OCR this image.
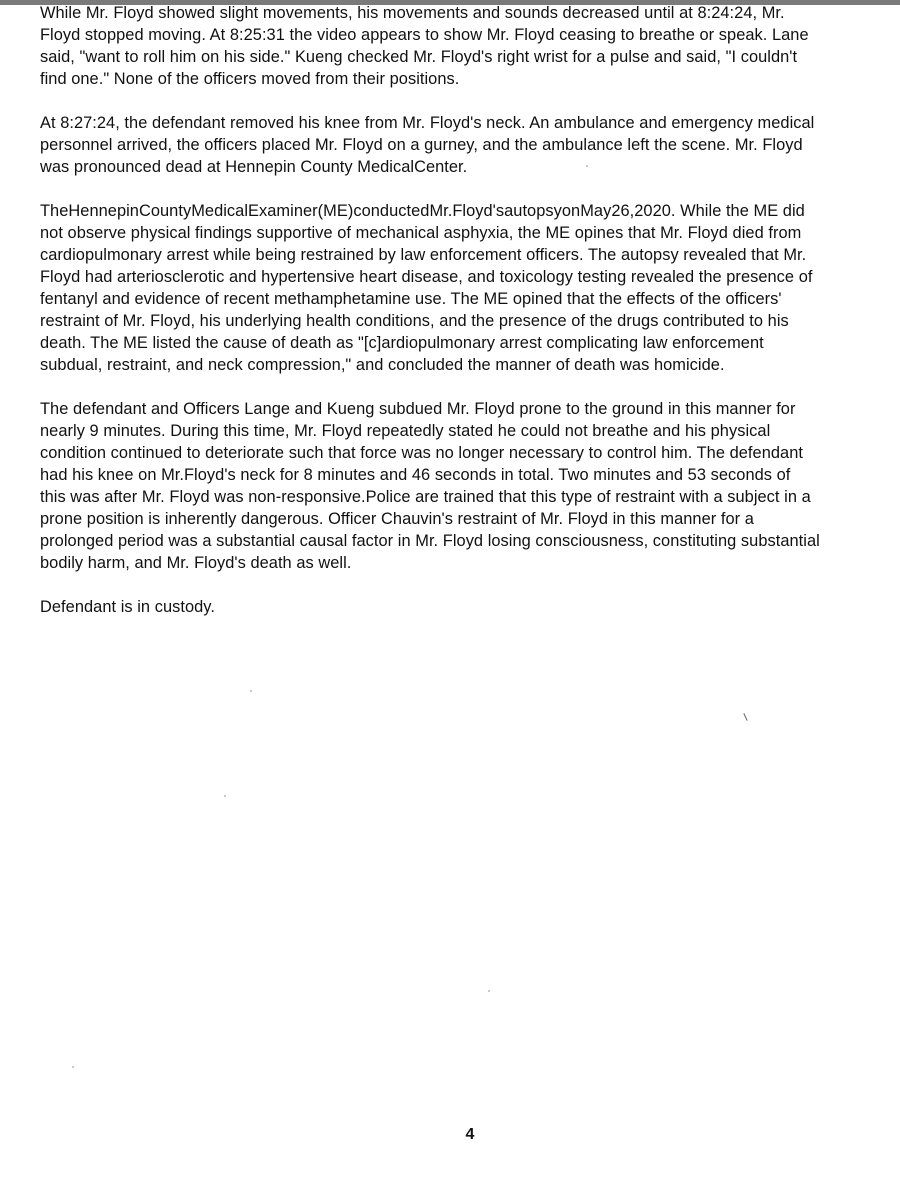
While Mr. Floyd showed slight movements, his movements and sounds decreased until at 8:24:24, Mr.
Floyd stopped moving. At 8:25:31 the video appears to show Mr. Floyd ceasing to breathe or speak. Lane
said, "want to roll him on his side." Kueng checked Mr. Floyd's right wrist for a pulse and said, "I couldn't
find one." None of the officers moved from their positions.

At 8:27:24, the defendant removed his knee from Mr. Floyd's neck. An ambulance and emergency medical
personnel arrived, the officers placed Mr. Floyd on a gurney, and the ambulance left the scene. Mr. Floyd
was pronounced dead at Hennepin County MedicalCenter.

TheHennepinCountyMedicalExaminer(ME)conductedMr.Floyd'sautopsyonMay26,2020. While the ME did
not observe physical findings supportive of mechanical asphyxia, the ME opines that Mr. Floyd died from
cardiopulmonary arrest while being restrained by law enforcement officers. The autopsy revealed that Mr.
Floyd had arteriosclerotic and hypertensive heart disease, and toxicology testing revealed the presence of
fentanyl and evidence of recent methamphetamine use. The ME opined that the effects of the officers'
restraint of Mr. Floyd, his underlying health conditions, and the presence of the drugs contributed to his
death. The ME listed the cause of death as "[c]ardiopulmonary arrest complicating law enforcement
subdual, restraint, and neck compression," and concluded the manner of death was homicide.

The defendant and Officers Lange and Kueng subdued Mr. Floyd prone to the ground in this manner for
nearly 9 minutes. During this time, Mr. Floyd repeatedly stated he could not breathe and his physical
condition continued to deteriorate such that force was no longer necessary to control him. The defendant
had his knee on Mr.Floyd's neck for 8 minutes and 46 seconds in total. Two minutes and 53 seconds of
this was after Mr. Floyd was non-responsive.Police are trained that this type of restraint with a subject in a
prone position is inherently dangerous. Officer Chauvin's restraint of Mr. Floyd in this manner for a
prolonged period was a substantial causal factor in Mr. Floyd losing consciousness, constituting substantial
bodily harm, and Mr. Floyd's death as well.

Defendant is in custody.

4
